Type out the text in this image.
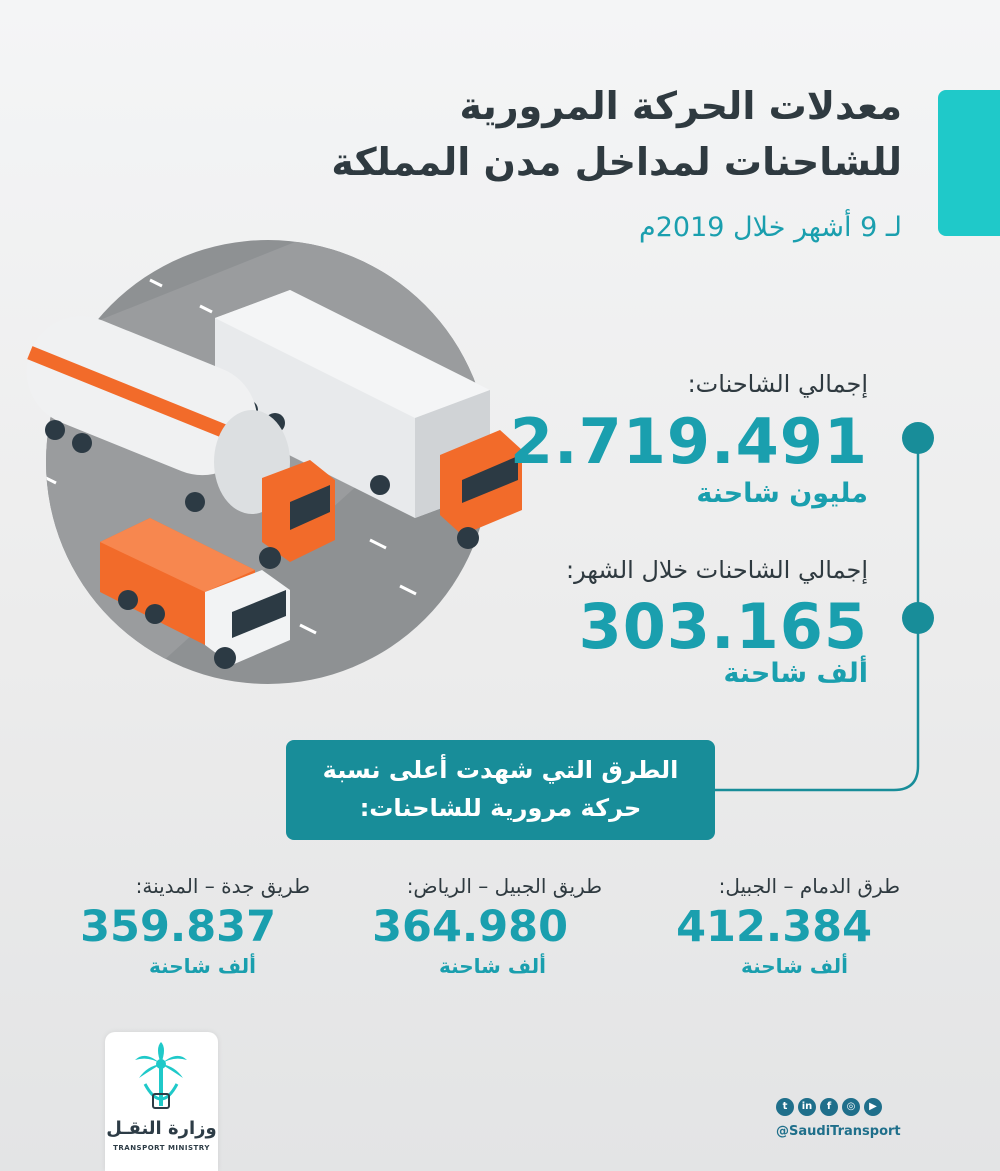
معدلات الحركة المرورية
للشاحنات لمداخل مدن المملكة
لـ 9 أشهر خلال 2019م
إجمالي الشاحنات:
2.719.491
مليون شاحنة
إجمالي الشاحنات خلال الشهر:
303.165
ألف شاحنة
الطرق التي شهدت أعلى نسبة
حركة مرورية للشاحنات:
طرق الدمام – الجبيل:
412.384
ألف شاحنة
طريق الجبيل – الرياض:
364.980
ألف شاحنة
طريق جدة – المدينة:
359.837
ألف شاحنة
وزارة النقـل
TRANSPORT MINISTRY
t	in	f	◎	▶
@SaudiTransport
